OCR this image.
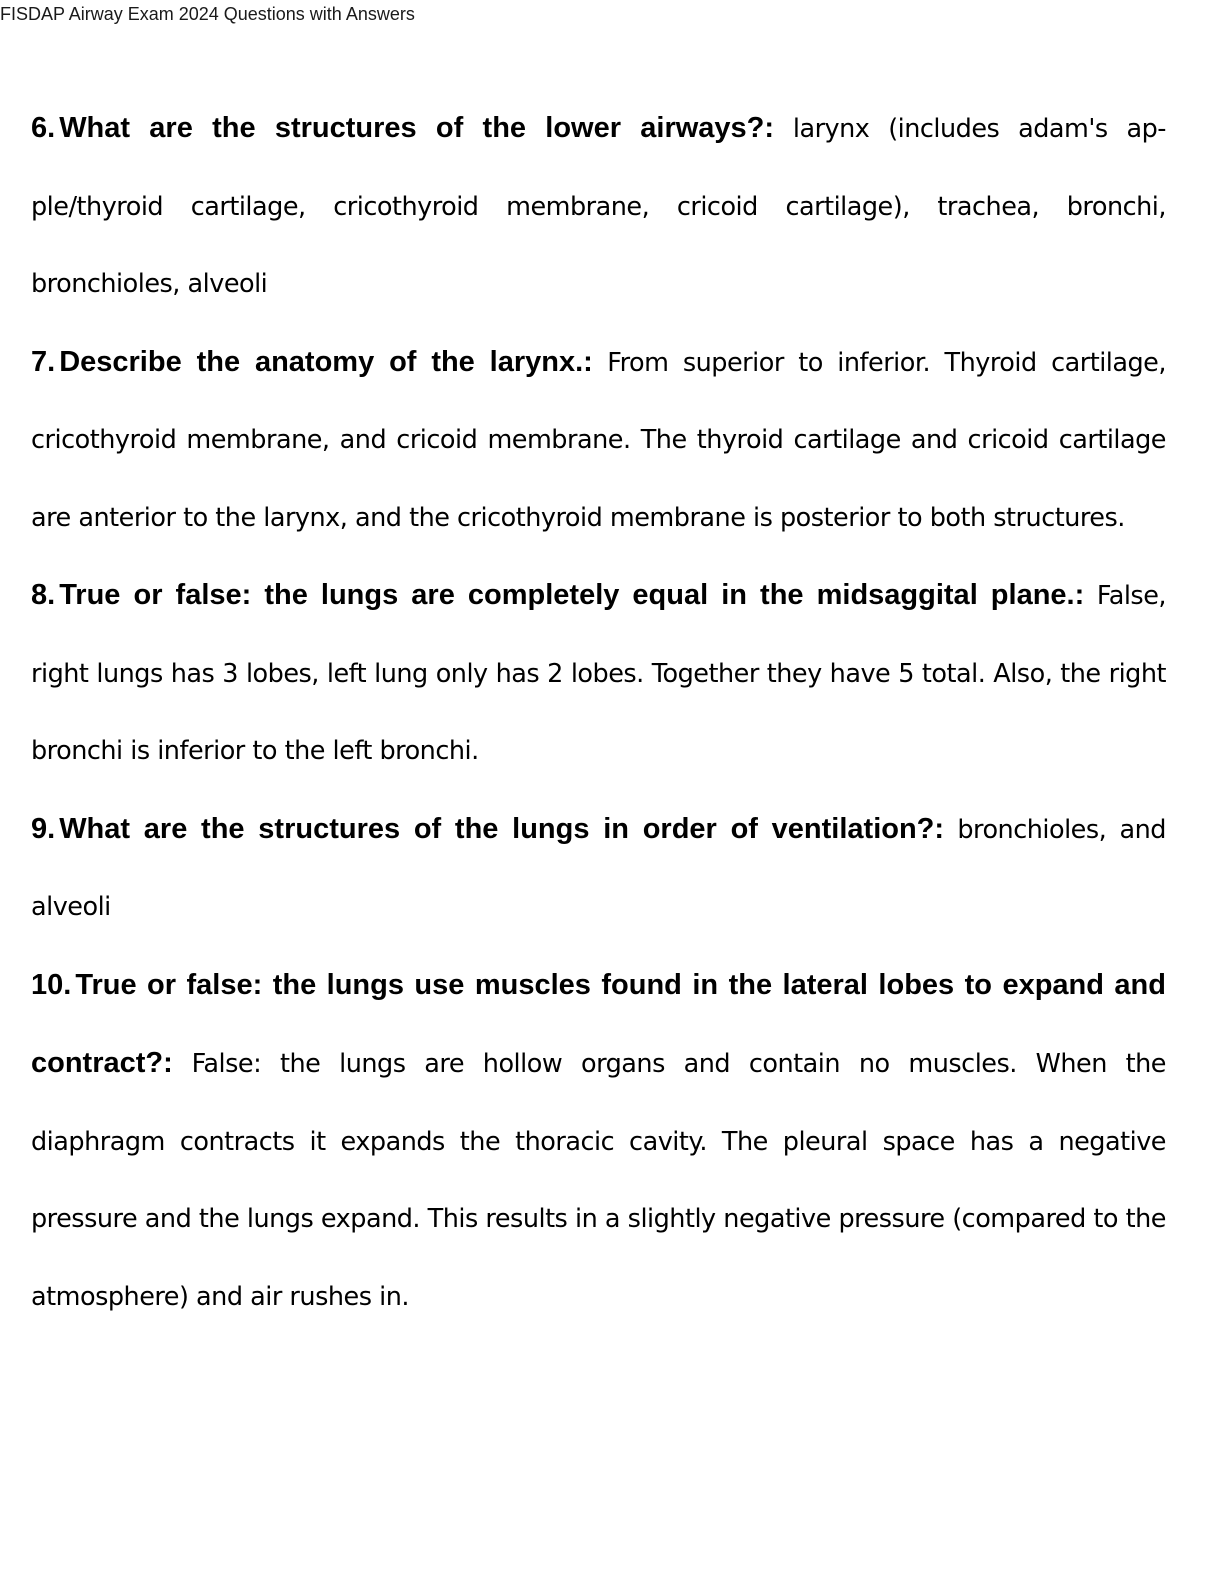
FISDAP Airway Exam 2024 Questions with Answers

6. What are the structures of the lower airways?: larynx (includes adam's ap-ple/thyroid cartilage, cricothyroid membrane, cricoid cartilage), trachea, bronchi, bronchioles, alveoli

7. Describe the anatomy of the larynx.: From superior to inferior. Thyroid cartilage, cricothyroid membrane, and cricoid membrane. The thyroid cartilage and cricoid cartilage are anterior to the larynx, and the cricothyroid membrane is posterior to both structures.

8. True or false: the lungs are completely equal in the midsaggital plane.: False, right lungs has 3 lobes, left lung only has 2 lobes. Together they have 5 total. Also, the right bronchi is inferior to the left bronchi.

9. What are the structures of the lungs in order of ventilation?: bronchioles, and alveoli

10. True or false: the lungs use muscles found in the lateral lobes to expand and contract?: False: the lungs are hollow organs and contain no muscles. When the diaphragm contracts it expands the thoracic cavity. The pleural space has a negative pressure and the lungs expand. This results in a slightly negative pressure (compared to the atmosphere) and air rushes in.
